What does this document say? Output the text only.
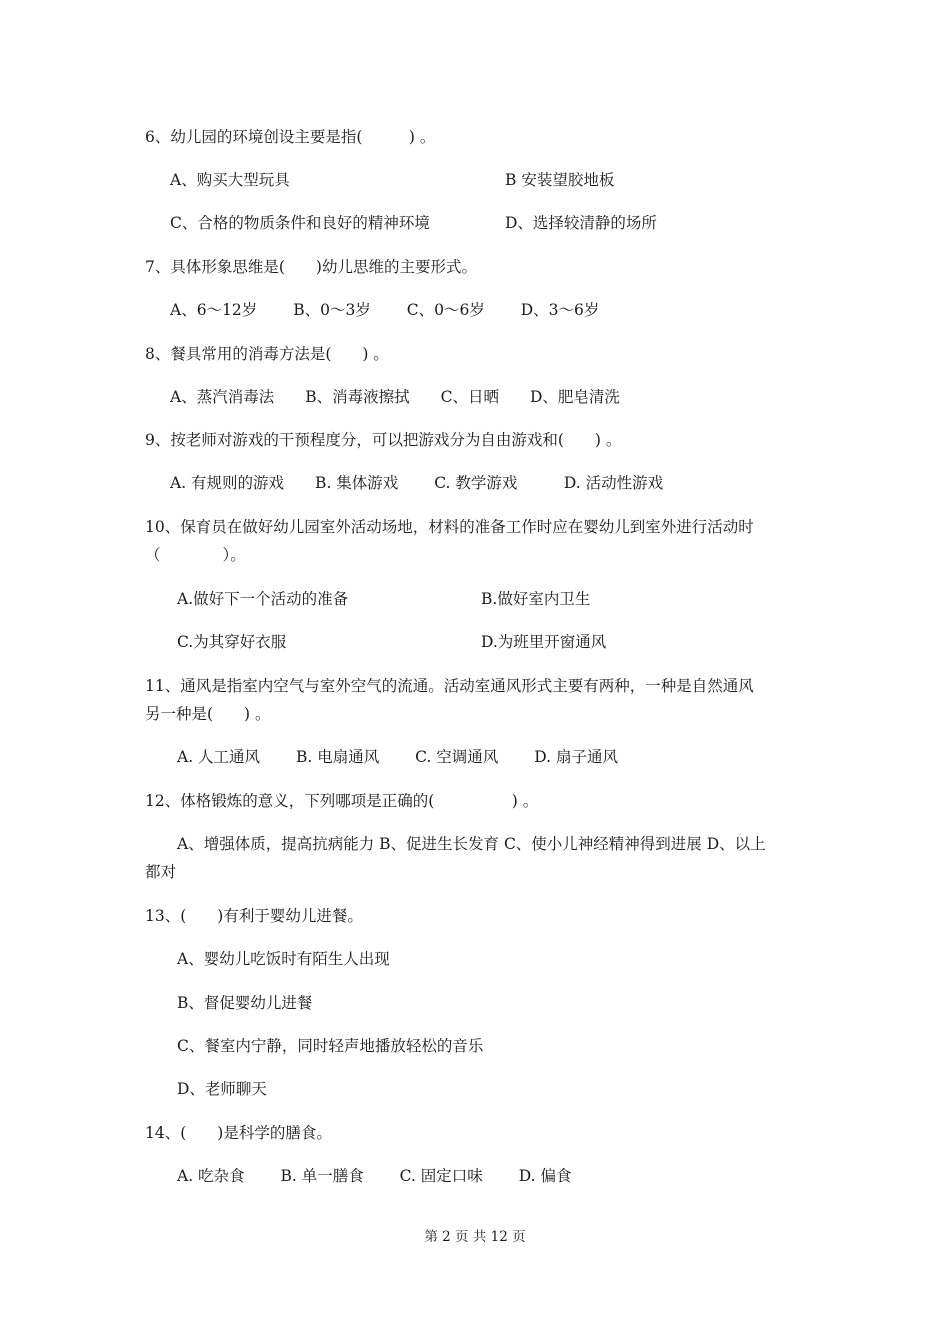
6、幼儿园的环境创设主要是指(　　　) 。
A、购买大型玩具	B 安装望胶地板
C、合格的物质条件和良好的精神环境	D、选择较清静的场所
7、具体形象思维是(　　)幼儿思维的主要形式。
A、6～12岁　　 B、0～3岁　　 C、0～6岁　　 D、3～6岁
8、餐具常用的消毒方法是(　　) 。
A、蒸汽消毒法　　B、消毒液擦拭　　C、日晒　　D、肥皂清洗
9、按老师对游戏的干预程度分，可以把游戏分为自由游戏和(　　) 。
A. 有规则的游戏　　B. 集体游戏　　 C. 教学游戏　　　D. 活动性游戏
10、保育员在做好幼儿园室外活动场地，材料的准备工作时应在婴幼儿到室外进行活动时
（　　　　）。
A.做好下一个活动的准备	B.做好室内卫生
C.为其穿好衣服	D.为班里开窗通风
11、通风是指室内空气与室外空气的流通。活动室通风形式主要有两种，一种是自然通风
另一种是(　　) 。
A. 人工通风　　 B. 电扇通风　　 C. 空调通风　　 D. 扇子通风
12、体格锻炼的意义，下列哪项是正确的(　　　　　) 。
A、增强体质，提高抗病能力 B、促进生长发育 C、使小儿神经精神得到进展 D、以上
都对
13、(　　)有利于婴幼儿进餐。
A、婴幼儿吃饭时有陌生人出现
B、督促婴幼儿进餐
C、餐室内宁静，同时轻声地播放轻松的音乐
D、老师聊天
14、(　　)是科学的膳食。
A. 吃杂食　　 B. 单一膳食　　 C. 固定口味　　 D. 偏食
第 2 页 共 12 页
